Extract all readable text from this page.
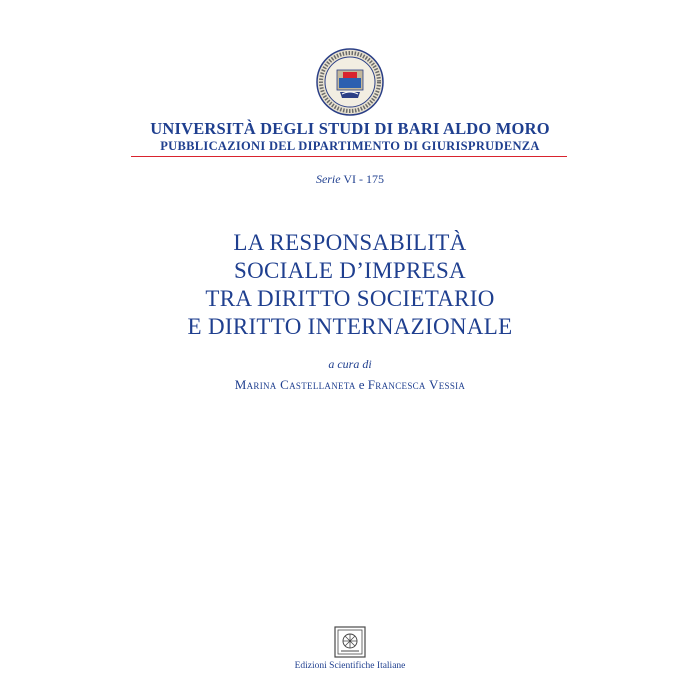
UNIVERSITÀ DEGLI STUDI DI BARI ALDO MORO
PUBBLICAZIONI DEL DIPARTIMENTO DI GIURISPRUDENZA
Serie VI - 175
LA RESPONSABILITÀ
SOCIALE D’IMPRESA
TRA DIRITTO SOCIETARIO
E DIRITTO INTERNAZIONALE
a cura di
Marina Castellaneta e Francesca Vessia
Edizioni Scientifiche Italiane
